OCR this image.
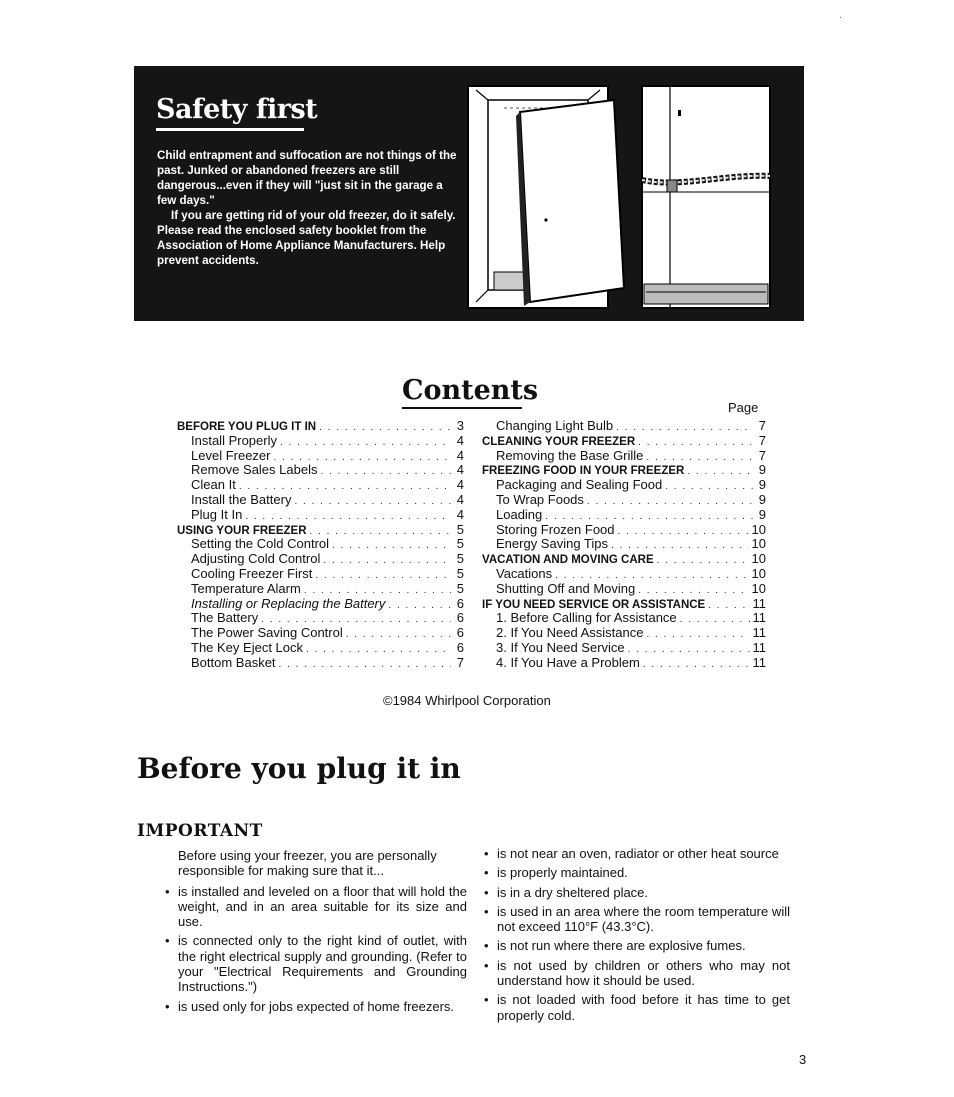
·
Safety first

Child entrapment and suffocation are not things of the past. Junked or abandoned freezers are still dangerous...even if they will "just sit in the garage a few days."

If you are getting rid of your old freezer, do it safely. Please read the enclosed safety booklet from the Association of Home Appliance Manufacturers. Help prevent accidents.

Contents
Page
BEFORE YOU PLUG IT IN . . .	3
Install Properly . . .	4
Level Freezer . . .	4
Remove Sales Labels . . .	4
Clean It . . .	4
Install the Battery . . .	4
Plug It In . . .	4
USING YOUR FREEZER . . .	5
Setting the Cold Control . . .	5
Adjusting Cold Control . . .	5
Cooling Freezer First . . .	5
Temperature Alarm . . .	5
Installing or Replacing the Battery . . .	6
The Battery . . .	6
The Power Saving Control . . .	6
The Key Eject Lock . . .	6
Bottom Basket . . .	7
Changing Light Bulb . . .	7
CLEANING YOUR FREEZER . . .	7
Removing the Base Grille . . .	7
FREEZING FOOD IN YOUR FREEZER . . .	9
Packaging and Sealing Food . . .	9
To Wrap Foods . . .	9
Loading . . .	9
Storing Frozen Food . . .	10
Energy Saving Tips . . .	10
VACATION AND MOVING CARE . . .	10
Vacations . . .	10
Shutting Off and Moving . . .	10
IF YOU NEED SERVICE OR ASSISTANCE . . .	11
1. Before Calling for Assistance . . .	11
2. If You Need Assistance . . .	11
3. If You Need Service . . .	11
4. If You Have a Problem . . .	11
©1984 Whirlpool Corporation
Before you plug it in
IMPORTANT

Before using your freezer, you are personally responsible for making sure that it...

• is installed and leveled on a floor that will hold the weight, and in an area suitable for its size and use.
• is connected only to the right kind of outlet, with the right electrical supply and grounding. (Refer to your "Electrical Requirements and Grounding Instructions.")
• is used only for jobs expected of home freezers.
• is not near an oven, radiator or other heat source
• is properly maintained.
• is in a dry sheltered place.
• is used in an area where the room temperature will not exceed 110°F (43.3°C).
• is not run where there are explosive fumes.
• is not used by children or others who may not understand how it should be used.
• is not loaded with food before it has time to get properly cold.
3
